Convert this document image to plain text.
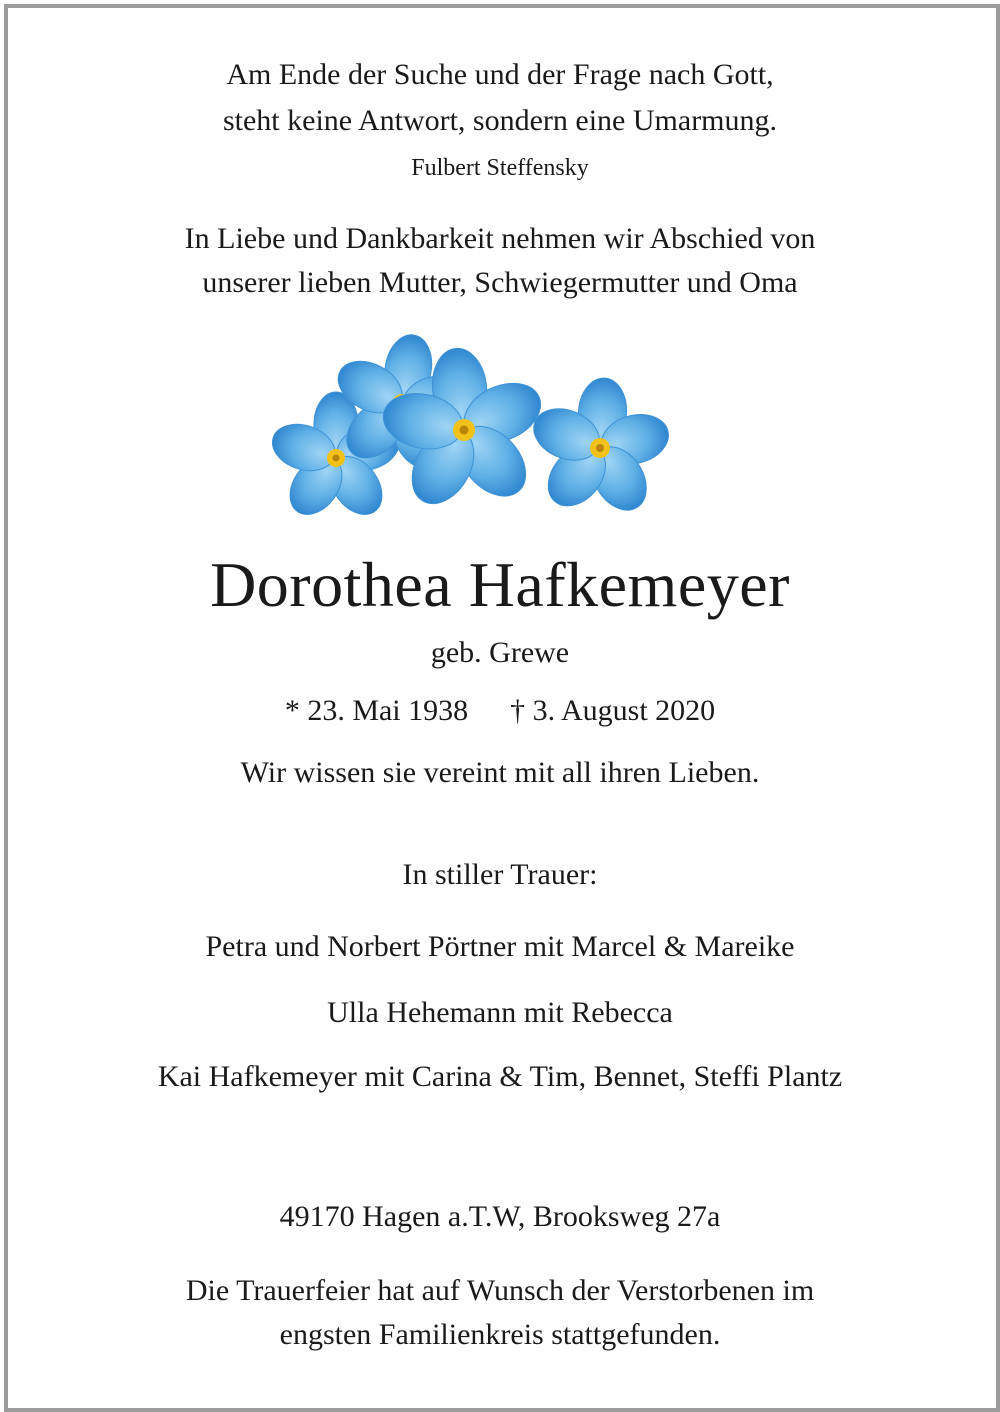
Am Ende der Suche und der Frage nach Gott,
steht keine Antwort, sondern eine Umarmung.
Fulbert Steffensky
In Liebe und Dankbarkeit nehmen wir Abschied von
unserer lieben Mutter, Schwiegermutter und Oma
Dorothea Hafkemeyer
geb. Grewe
* 23. Mai 1938 † 3. August 2020
Wir wissen sie vereint mit all ihren Lieben.
In stiller Trauer:
Petra und Norbert Pörtner mit Marcel & Mareike
Ulla Hehemann mit Rebecca
Kai Hafkemeyer mit Carina & Tim, Bennet, Steffi Plantz
49170 Hagen a.T.W, Brooksweg 27a
Die Trauerfeier hat auf Wunsch der Verstorbenen im
engsten Familienkreis stattgefunden.
